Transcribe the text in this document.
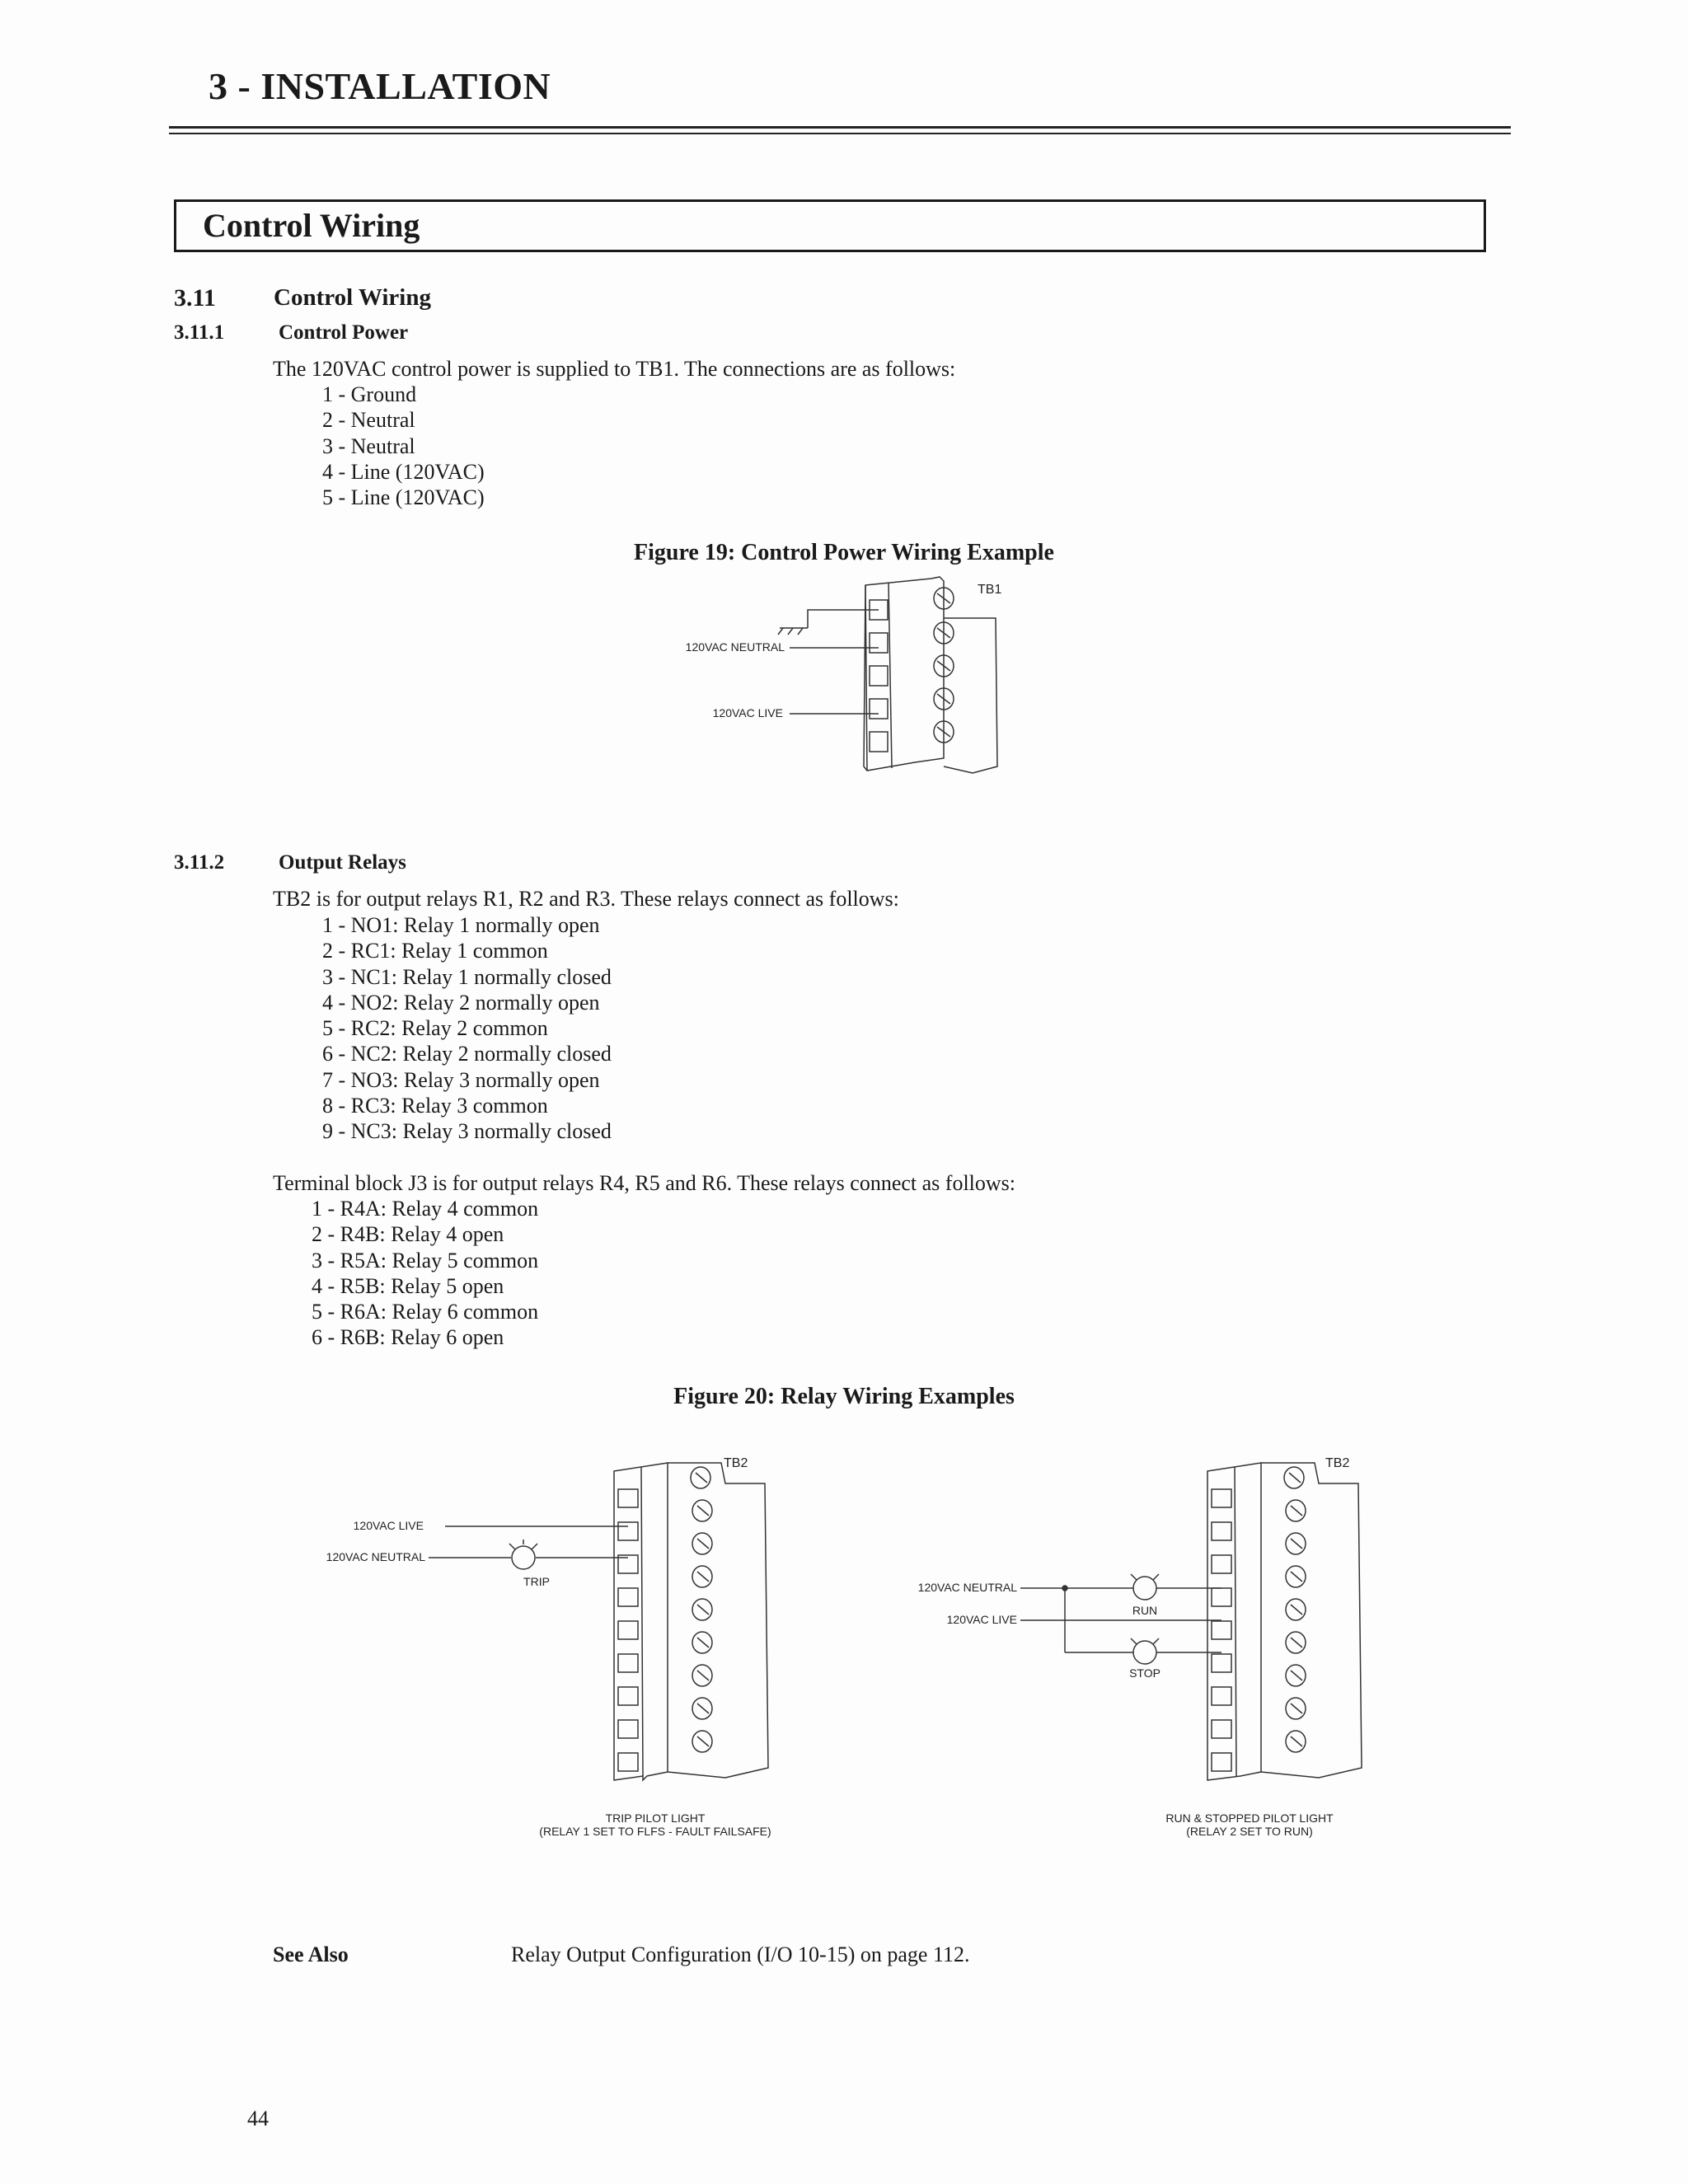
3 - INSTALLATION
Control Wiring
3.11 Control Wiring
3.11.1	Control Power
The 120VAC control power is supplied to TB1. The connections are as follows:
1 - Ground
2 - Neutral
3 - Neutral
4 - Line (120VAC)
5 - Line (120VAC)
Figure 19: Control Power Wiring Example
TB1
120VAC NEUTRAL
120VAC LIVE
3.11.2	Output Relays
TB2 is for output relays R1, R2 and R3. These relays connect as follows:
1 - NO1: Relay 1 normally open
2 - RC1: Relay 1 common
3 - NC1: Relay 1 normally closed
4 - NO2: Relay 2 normally open
5 - RC2: Relay 2 common
6 - NC2: Relay 2 normally closed
7 - NO3: Relay 3 normally open
8 - RC3: Relay 3 common
9 - NC3: Relay 3 normally closed
Terminal block J3 is for output relays R4, R5 and R6. These relays connect as follows:
1 - R4A: Relay 4 common
2 - R4B: Relay 4 open
3 - R5A: Relay 5 common
4 - R5B: Relay 5 open
5 - R6A: Relay 6 common
6 - R6B: Relay 6 open
Figure 20: Relay Wiring Examples
TB2
120VAC LIVE
120VAC NEUTRAL
TRIP
TRIP PILOT LIGHT
(RELAY 1 SET TO FLFS - FAULT FAILSAFE)
TB2
120VAC NEUTRAL
120VAC LIVE
RUN
STOP
RUN & STOPPED PILOT LIGHT
(RELAY 2 SET TO RUN)
See Also	Relay Output Configuration (I/O 10-15) on page 112.
44
